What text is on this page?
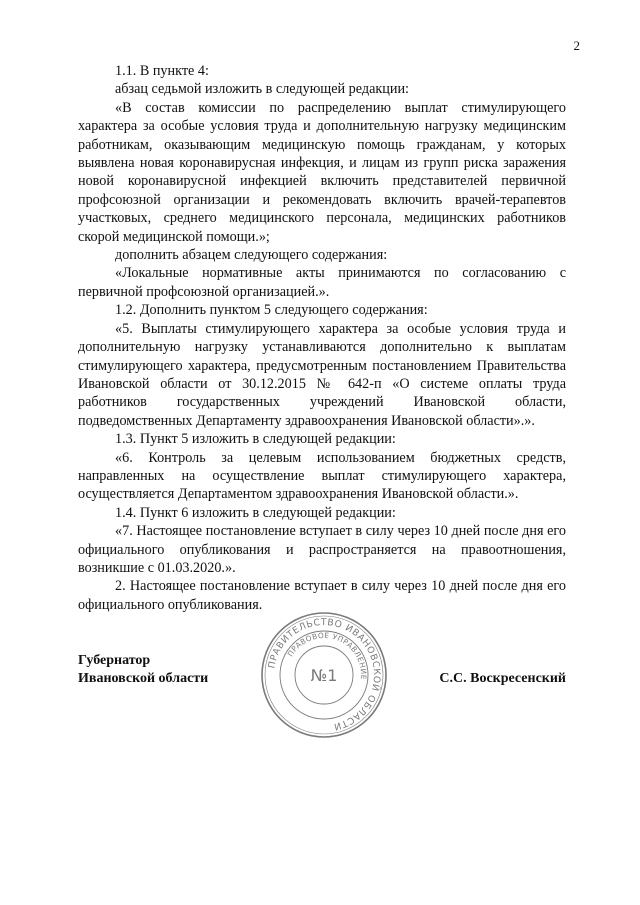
2

1.1. В пункте 4:

абзац седьмой изложить в следующей редакции:

«В состав комиссии по распределению выплат стимулирующего характера за особые условия труда и дополнительную нагрузку медицинским работникам, оказывающим медицинскую помощь гражданам, у которых выявлена новая коронавирусная инфекция, и лицам из групп риска заражения новой коронавирусной инфекцией включить представителей первичной профсоюзной организации и рекомендовать включить врачей-терапевтов участковых, среднего медицинского персонала, медицинских работников скорой медицинской помощи.»;

дополнить абзацем следующего содержания:

«Локальные нормативные акты принимаются по согласованию с первичной профсоюзной организацией.».

1.2. Дополнить пунктом 5 следующего содержания:

«5. Выплаты стимулирующего характера за особые условия труда и дополнительную нагрузку устанавливаются дополнительно к выплатам стимулирующего характера, предусмотренным постановлением Правительства Ивановской области от 30.12.2015 № 642-п «О системе оплаты труда работников государственных учреждений Ивановской области, подведомственных Департаменту здравоохранения Ивановской области».».

1.3. Пункт 5 изложить в следующей редакции:

«6. Контроль за целевым использованием бюджетных средств, направленных на осуществление выплат стимулирующего характера, осуществляется Департаментом здравоохранения Ивановской области.».

1.4. Пункт 6 изложить в следующей редакции:

«7. Настоящее постановление вступает в силу через 10 дней после дня его официального опубликования и распространяется на правоотношения, возникшие с 01.03.2020.».

2. Настоящее постановление вступает в силу через 10 дней после дня его официального опубликования.

Губернатор
Ивановской области	С.С. Воскресенский
ПРАВИТЕЛЬСТВО ИВАНОВСКОЙ ОБЛАСТИ
ПРАВОВОЕ УПРАВЛЕНИЕ
№1
